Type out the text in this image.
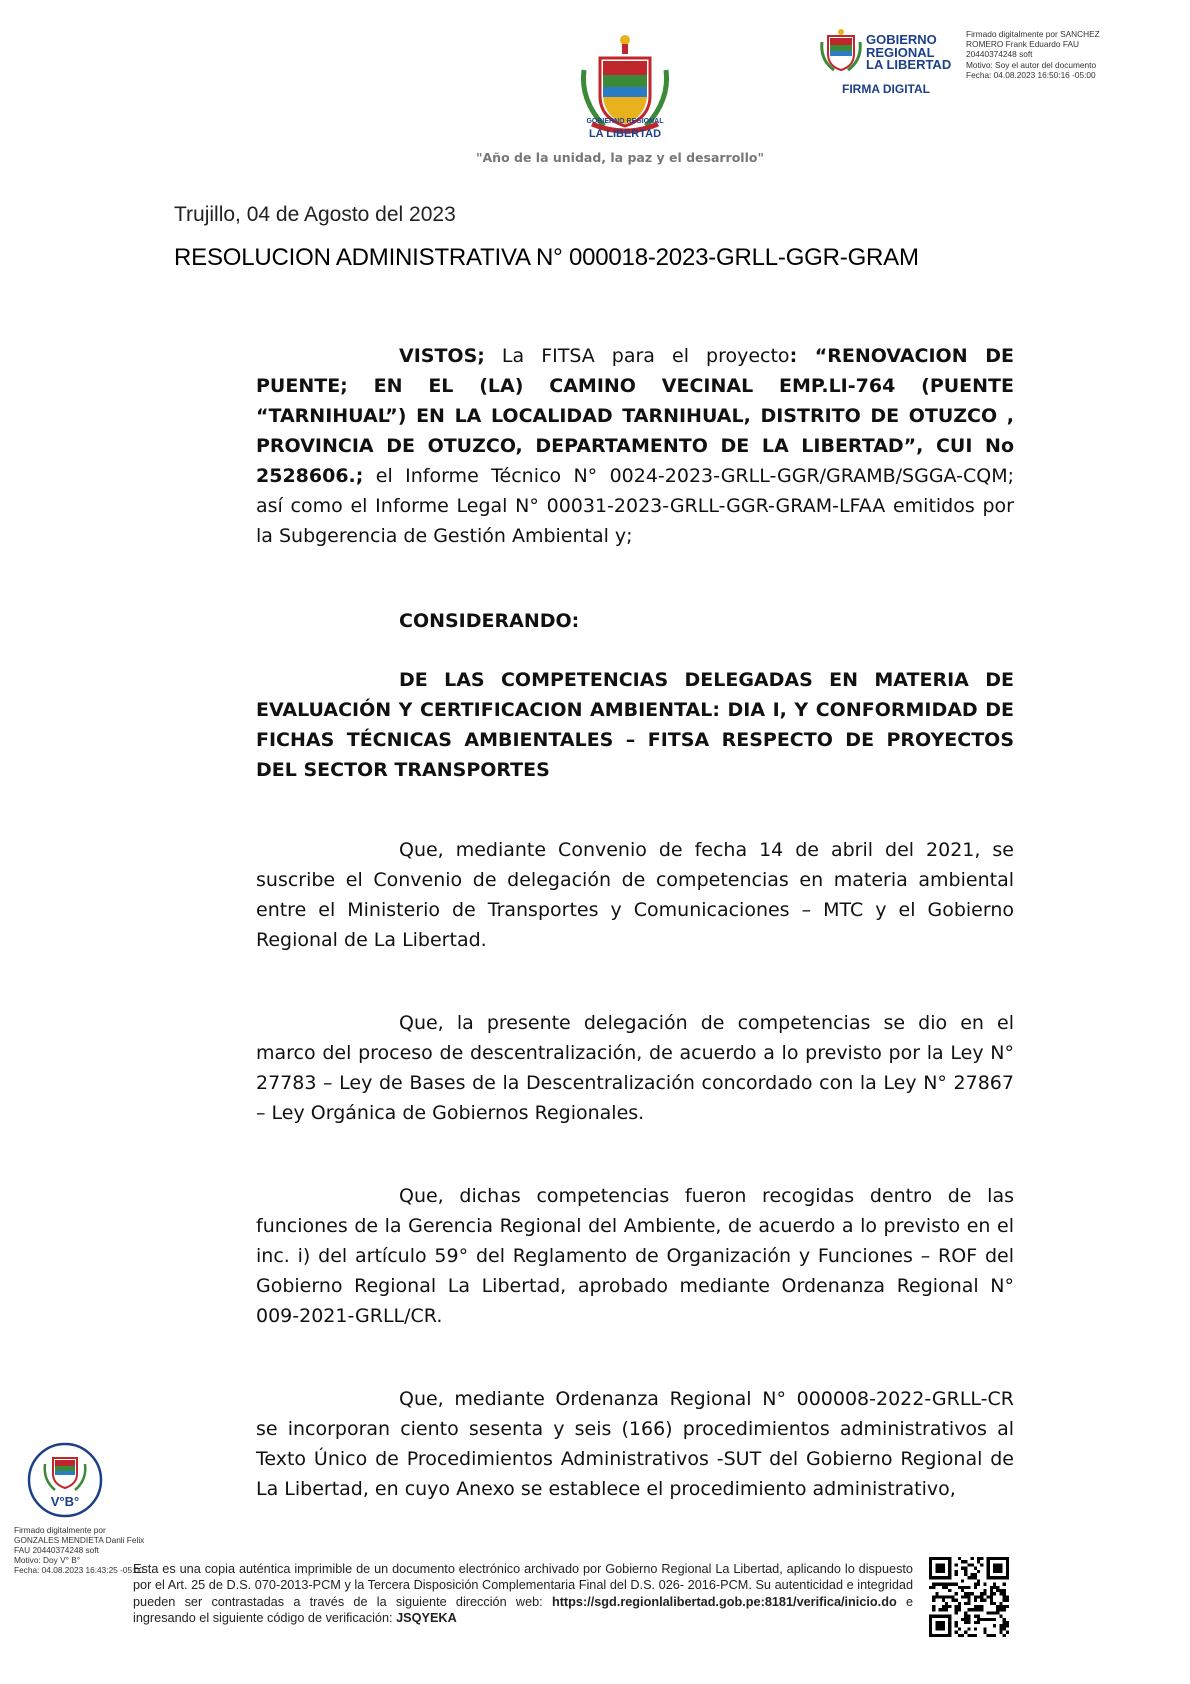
GOBIERNO REGIONAL
LA LIBERTAD
"Año de la unidad, la paz y el desarrollo"
GOBIERNO
REGIONAL
LA LIBERTAD
FIRMA DIGITAL
Firmado digitalmente por SANCHEZ
ROMERO Frank Eduardo FAU
20440374248 soft
Motivo: Soy el autor del documento
Fecha: 04.08.2023 16:50:16 -05:00
Trujillo, 04 de Agosto del 2023
RESOLUCION ADMINISTRATIVA N° 000018-2023-GRLL-GGR-GRAM
VISTOS; La FITSA para el proyecto: “RENOVACION DE PUENTE; EN EL (LA) CAMINO VECINAL EMP.LI-764 (PUENTE “TARNIHUAL”) EN LA LOCALIDAD TARNIHUAL, DISTRITO DE OTUZCO , PROVINCIA DE OTUZCO, DEPARTAMENTO DE LA LIBERTAD”, CUI No 2528606.; el Informe Técnico N° 0024-2023-GRLL-GGR/GRAMB/SGGA-CQM; así como el Informe Legal N° 00031-2023-GRLL-GGR-GRAM-LFAA emitidos por la Subgerencia de Gestión Ambiental y;
CONSIDERANDO:
DE LAS COMPETENCIAS DELEGADAS EN MATERIA DE EVALUACIÓN Y CERTIFICACION AMBIENTAL: DIA I, Y CONFORMIDAD DE FICHAS TÉCNICAS AMBIENTALES – FITSA RESPECTO DE PROYECTOS DEL SECTOR TRANSPORTES
Que, mediante Convenio de fecha 14 de abril del 2021, se suscribe el Convenio de delegación de competencias en materia ambiental entre el Ministerio de Transportes y Comunicaciones – MTC y el Gobierno Regional de La Libertad.
Que, la presente delegación de competencias se dio en el marco del proceso de descentralización, de acuerdo a lo previsto por la Ley N° 27783 – Ley de Bases de la Descentralización concordado con la Ley N° 27867 – Ley Orgánica de Gobiernos Regionales.
Que, dichas competencias fueron recogidas dentro de las funciones de la Gerencia Regional del Ambiente, de acuerdo a lo previsto en el inc. i) del artículo 59° del Reglamento de Organización y Funciones – ROF del Gobierno Regional La Libertad, aprobado mediante Ordenanza Regional N° 009-2021-GRLL/CR.
Que, mediante Ordenanza Regional N° 000008-2022-GRLL-CR se incorporan ciento sesenta y seis (166) procedimientos administrativos al Texto Único de Procedimientos Administrativos -SUT del Gobierno Regional de La Libertad, en cuyo Anexo se establece el procedimiento administrativo,
V°B°
Firmado digitalmente por
GONZALES MENDIETA Danli Felix
FAU 20440374248 soft
Motivo: Doy V° B°
Fecha: 04.08.2023 16:43:25 -05:00
Esta es una copia auténtica imprimible de un documento electrónico archivado por Gobierno Regional La Libertad, aplicando lo dispuesto por el Art. 25 de D.S. 070-2013-PCM y la Tercera Disposición Complementaria Final del D.S. 026- 2016-PCM. Su autenticidad e integridad pueden ser contrastadas a través de la siguiente dirección web: https://sgd.regionlalibertad.gob.pe:8181/verifica/inicio.do e ingresando el siguiente código de verificación: JSQYEKA
